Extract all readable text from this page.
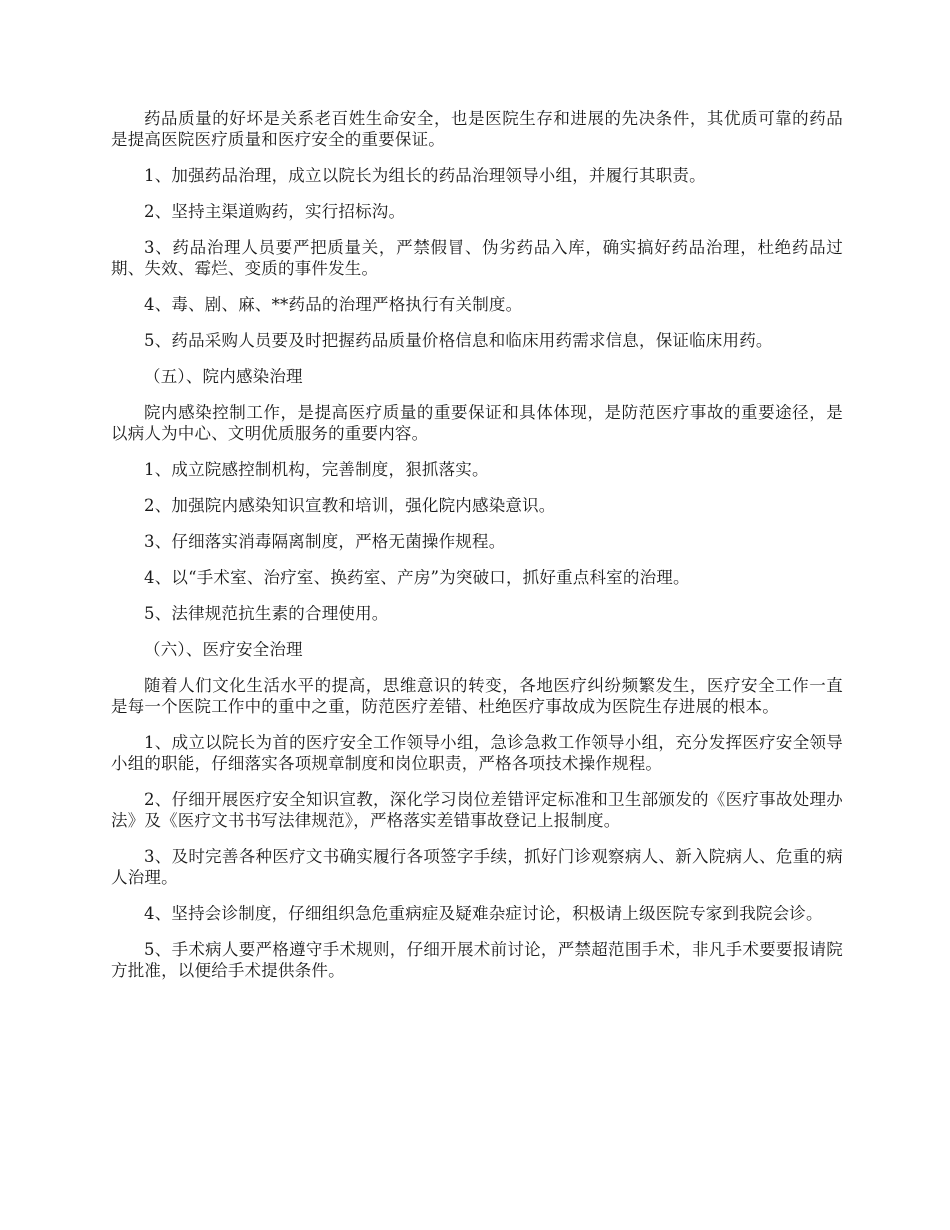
药品质量的好坏是关系老百姓生命安全，也是医院生存和进展的先决条件，其优质可靠的药品是提高医院医疗质量和医疗安全的重要保证。

1、加强药品治理，成立以院长为组长的药品治理领导小组，并履行其职责。

2、坚持主渠道购药，实行招标沟。

3、药品治理人员要严把质量关，严禁假冒、伪劣药品入库，确实搞好药品治理，杜绝药品过期、失效、霉烂、变质的事件发生。

4、毒、剧、麻、**药品的治理严格执行有关制度。

5、药品采购人员要及时把握药品质量价格信息和临床用药需求信息，保证临床用药。

（五）、院内感染治理

院内感染控制工作，是提高医疗质量的重要保证和具体体现，是防范医疗事故的重要途径，是以病人为中心、文明优质服务的重要内容。

1、成立院感控制机构，完善制度，狠抓落实。

2、加强院内感染知识宣教和培训，强化院内感染意识。

3、仔细落实消毒隔离制度，严格无菌操作规程。

4、以“手术室、治疗室、换药室、产房”为突破口，抓好重点科室的治理。

5、法律规范抗生素的合理使用。

（六）、医疗安全治理

随着人们文化生活水平的提高，思维意识的转变，各地医疗纠纷频繁发生，医疗安全工作一直是每一个医院工作中的重中之重，防范医疗差错、杜绝医疗事故成为医院生存进展的根本。

1、成立以院长为首的医疗安全工作领导小组，急诊急救工作领导小组，充分发挥医疗安全领导小组的职能，仔细落实各项规章制度和岗位职责，严格各项技术操作规程。

2、仔细开展医疗安全知识宣教，深化学习岗位差错评定标准和卫生部颁发的《医疗事故处理办法》及《医疗文书书写法律规范》，严格落实差错事故登记上报制度。

3、及时完善各种医疗文书确实履行各项签字手续，抓好门诊观察病人、新入院病人、危重的病人治理。

4、坚持会诊制度，仔细组织急危重病症及疑难杂症讨论，积极请上级医院专家到我院会诊。

5、手术病人要严格遵守手术规则，仔细开展术前讨论，严禁超范围手术，非凡手术要要报请院方批准，以便给手术提供条件。
